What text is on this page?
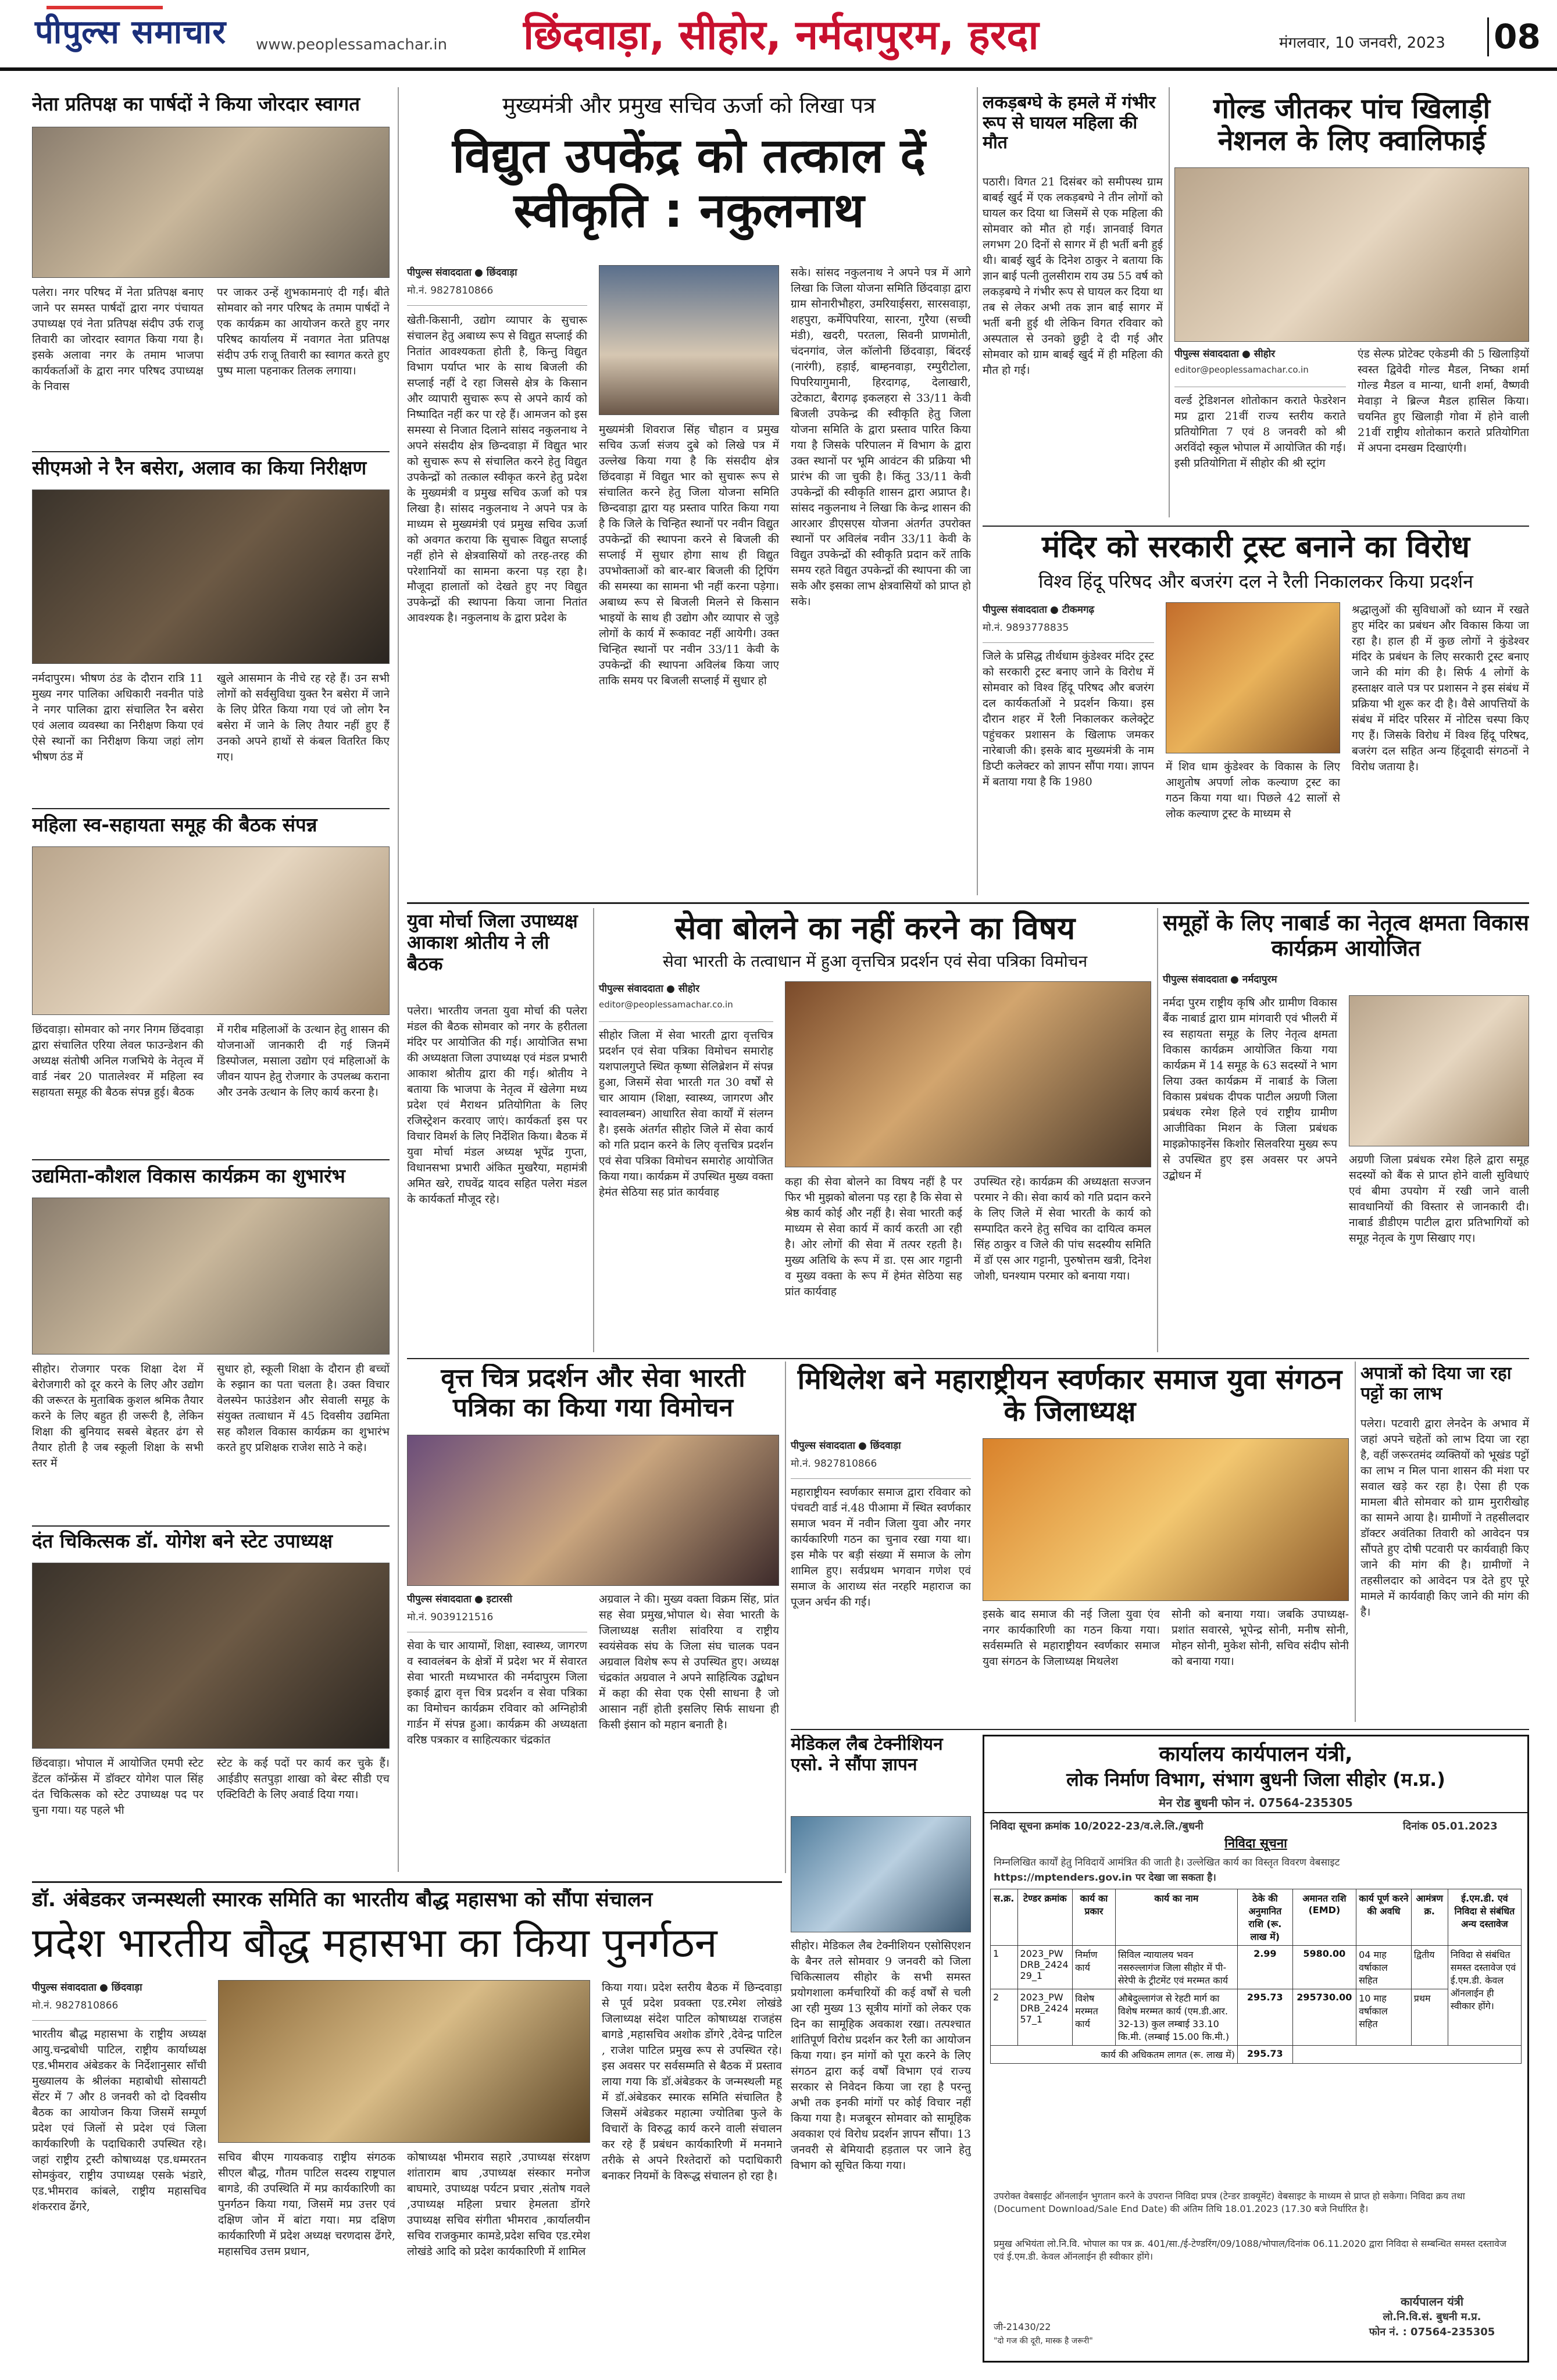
पीपुल्स समाचार www.peoplessamachar.in छिंदवाड़ा, सीहोर, नर्मदापुरम, हरदा	मंगलवार, 10 जनवरी, 2023 08
नेता प्रतिपक्ष का पार्षदों ने किया जोरदार स्वागत
पलेरा। नगर परिषद में नेता प्रतिपक्ष बनाए जाने पर समस्त पार्षदों द्वारा नगर पंचायत उपाध्यक्ष एवं नेता प्रतिपक्ष संदीप उर्फ राजू तिवारी का जोरदार स्वागत किया गया है। इसके अलावा नगर के तमाम भाजपा कार्यकर्ताओं के द्वारा नगर परिषद उपाध्यक्ष के निवास
पर जाकर उन्हें शुभकामनाएं दी गईं। बीते सोमवार को नगर परिषद के तमाम पार्षदों ने एक कार्यक्रम का आयोजन करते हुए नगर परिषद कार्यालय में नवागत नेता प्रतिपक्ष संदीप उर्फ राजू तिवारी का स्वागत करते हुए पुष्प माला पहनाकर तिलक लगाया।
सीएमओ ने रैन बसेरा, अलाव का किया निरीक्षण
नर्मदापुरम। भीषण ठंड के दौरान रात्रि 11 मुख्य नगर पालिका अधिकारी नवनीत पांडे ने नगर पालिका द्वारा संचालित रैन बसेरा एवं अलाव व्यवस्था का निरीक्षण किया एवं ऐसे स्थानों का निरीक्षण किया जहां लोग भीषण ठंड में
खुले आसमान के नीचे रह रहे हैं। उन सभी लोगों को सर्वसुविधा युक्त रैन बसेरा में जाने के लिए प्रेरित किया गया एवं जो लोग रैन बसेरा में जाने के लिए तैयार नहीं हुए हैं उनको अपने हाथों से कंबल वितरित किए गए।
महिला स्व-सहायता समूह की बैठक संपन्न
छिंदवाड़ा। सोमवार को नगर निगम छिंदवाड़ा द्वारा संचालित एरिया लेवल फाउन्डेशन की अध्यक्ष संतोषी अनिल गजभिये के नेतृत्व में वार्ड नंबर 20 पातालेश्वर में महिला स्व सहायता समूह की बैठक संपन्न हुई। बैठक
में गरीब महिलाओं के उत्थान हेतु शासन की योजनाओं जानकारी दी गई जिनमें डिस्पोजल, मसाला उद्योग एवं महिलाओं के जीवन यापन हेतु रोजगार के उपलब्ध कराना और उनके उत्थान के लिए कार्य करना है।
उद्यमिता-कौशल विकास कार्यक्रम का शुभारंभ
सीहोर। रोजगार परक शिक्षा देश में बेरोजगारी को दूर करने के लिए और उद्योग की जरूरत के मुताबिक कुशल श्रमिक तैयार करने के लिए बहुत ही जरूरी है, लेकिन शिक्षा की बुनियाद सबसे बेहतर ढंग से तैयार होती है जब स्कूली शिक्षा के सभी स्तर में
सुधार हो, स्कूली शिक्षा के दौरान ही बच्चों के रुझान का पता चलता है। उक्त विचार वेलस्पेन फाउंडेशन और सेवाली समूह के संयुक्त तत्वाधान में 45 दिवसीय उद्यमिता सह कौशल विकास कार्यक्रम का शुभारंभ करते हुए प्रशिक्षक राजेश साठे ने कहे।
दंत चिकित्सक डॉ. योगेश बने स्टेट उपाध्यक्ष
छिंदवाड़ा। भोपाल में आयोजित एमपी स्टेट डेंटल कॉन्फ्रेंस में डॉक्टर योगेश पाल सिंह दंत चिकित्सक को स्टेट उपाध्यक्ष पद पर चुना गया। यह पहले भी
स्टेट के कई पदों पर कार्य कर चुके हैं। आईडीए सतपुड़ा शाखा को बेस्ट सीडी एच एक्टिविटी के लिए अवार्ड दिया गया।
मुख्यमंत्री और प्रमुख सचिव ऊर्जा को लिखा पत्र
विद्युत उपकेंद्र को तत्काल दें स्वीकृति : नकुलनाथ
पीपुल्स संवाददाता ● छिंदवाड़ा
मो.नं. 9827810866
खेती-किसानी, उद्योग व्यापार के सुचारू संचालन हेतु अबाध्य रूप से विद्युत सप्लाई की नितांत आवश्यकता होती है, किन्तु विद्युत विभाग पर्याप्त भार के साथ बिजली की सप्लाई नहीं दे रहा जिससे क्षेत्र के किसान और व्यापारी सुचारू रूप से अपने कार्य को निष्पादित नहीं कर पा रहे हैं। आमजन को इस समस्या से निजात दिलाने सांसद नकुलनाथ ने अपने संसदीय क्षेत्र छिन्दवाड़ा में विद्युत भार को सुचारू रूप से संचालित करने हेतु विद्युत उपकेन्द्रों को तत्काल स्वीकृत करने हेतु प्रदेश के मुख्यमंत्री व प्रमुख सचिव ऊर्जा को पत्र लिखा है। सांसद नकुलनाथ ने अपने पत्र के माध्यम से मुख्यमंत्री एवं प्रमुख सचिव ऊर्जा को अवगत कराया कि सुचारू विद्युत सप्लाई नहीं होने से क्षेत्रवासियों को तरह-तरह की परेशानियों का सामना करना पड़ रहा है। मौजूदा हालातों को देखते हुए नए विद्युत उपकेन्द्रों की स्थापना किया जाना नितांत आवश्यक है। नकुलनाथ के द्वारा प्रदेश के
मुख्यमंत्री शिवराज सिंह चौहान व प्रमुख सचिव ऊर्जा संजय दुबे को लिखे पत्र में उल्लेख किया गया है कि संसदीय क्षेत्र छिंदवाड़ा में विद्युत भार को सुचारू रूप से संचालित करने हेतु जिला योजना समिति छिन्दवाड़ा द्वारा यह प्रस्ताव पारित किया गया है कि जिले के चिन्हित स्थानों पर नवीन विद्युत उपकेन्द्रों की स्थापना करने से बिजली की सप्लाई में सुधार होगा साथ ही विद्युत उपभोक्ताओं को बार-बार बिजली की ट्रिपिंग की समस्या का सामना भी नहीं करना पड़ेगा। अबाध्य रूप से बिजली मिलने से किसान भाइयों के साथ ही उद्योग और व्यापार से जुड़े लोगों के कार्य में रूकावट नहीं आयेगी। उक्त चिन्हित स्थानों पर नवीन 33/11 केवी के उपकेन्द्रों की स्थापना अविलंब किया जाए ताकि समय पर बिजली सप्लाई में सुधार हो
सके। सांसद नकुलनाथ ने अपने पत्र में आगे लिखा कि जिला योजना समिति छिंदवाड़ा द्वारा ग्राम सोनारीभौहरा, उमरियाईसरा, सारसवाड़ा, शहपुरा, कर्मेपिपरिया, सारना, गुरैया (सच्ची मंडी), खदरी, परतला, सिवनी प्राणमोती, चंदनगांव, जेल कॉलोनी छिंदवाड़ा, बिंदरई (नारंगी), हड़ाई, बाम्हनवाड़ा, रम्पुरीटोला, पिपरियागुमानी, हिरदागढ़, देलाखारी, उटेकाटा, बैरागढ़ इकलहरा से 33/11 केवी बिजली उपकेन्द्र की स्वीकृति हेतु जिला योजना समिति के द्वारा प्रस्ताव पारित किया गया है जिसके परिपालन में विभाग के द्वारा उक्त स्थानों पर भूमि आवंटन की प्रक्रिया भी प्रारंभ की जा चुकी है। किंतु 33/11 केवी उपकेन्द्रों की स्वीकृति शासन द्वारा अप्राप्त है। सांसद नकुलनाथ ने लिखा कि केन्द्र शासन की आरआर डीएसएस योजना अंतर्गत उपरोक्त स्थानों पर अविलंब नवीन 33/11 केवी के विद्युत उपकेन्द्रों की स्वीकृति प्रदान करें ताकि समय रहते विद्युत उपकेन्द्रों की स्थापना की जा सके और इसका लाभ क्षेत्रवासियों को प्राप्त हो सके।
लकड़बग्घे के हमले में गंभीर रूप से घायल महिला की मौत
पठारी। विगत 21 दिसंबर को समीपस्थ ग्राम बाबई खुर्द में एक लकड़बग्घे ने तीन लोगों को घायल कर दिया था जिसमें से एक महिला की सोमवार को मौत हो गई। ज्ञानवाई विगत लगभग 20 दिनों से सागर में ही भर्ती बनी हुई थी। बाबई खुर्द के दिनेश ठाकुर ने बताया कि ज्ञान बाई पत्नी तुलसीराम राय उम्र 55 वर्ष को लकड़बग्घे ने गंभीर रूप से घायल कर दिया था तब से लेकर अभी तक ज्ञान बाई सागर में भर्ती बनी हुई थी लेकिन विगत रविवार को अस्पताल से उनको छुट्टी दे दी गई और सोमवार को ग्राम बाबई खुर्द में ही महिला की मौत हो गई।
गोल्ड जीतकर पांच खिलाड़ी नेशनल के लिए क्वालिफाई
पीपुल्स संवाददाता ● सीहोर
editor@peoplessamachar.co.in
वर्ल्ड ट्रेडिशनल शोतोकान कराते फेडरेशन मप्र द्वारा 21वीं राज्य स्तरीय कराते प्रतियोगिता 7 एवं 8 जनवरी को श्री अरविंदो स्कूल भोपाल में आयोजित की गई। इसी प्रतियोगिता में सीहोर की श्री स्ट्रांग
एंड सेल्फ प्रोटेक्ट एकेडमी की 5 खिलाड़ियों स्वस्त द्विवेदी गोल्ड मैडल, निष्का शर्मा गोल्ड मैडल व मान्या, धानी शर्मा, वैष्णवी मेवाड़ा ने ब्रिल्ज मैडल हासिल किया। चयनित हुए खिलाड़ी गोवा में होने वाली 21वीं राष्ट्रीय शोतोकान कराते प्रतियोगिता में अपना दमखम दिखाएंगी।
मंदिर को सरकारी ट्रस्ट बनाने का विरोध
विश्व हिंदू परिषद और बजरंग दल ने रैली निकालकर किया प्रदर्शन
पीपुल्स संवाददाता ● टीकमगढ़
मो.नं. 9893778835
जिले के प्रसिद्ध तीर्थधाम कुंडेश्वर मंदिर ट्रस्ट को सरकारी ट्रस्ट बनाए जाने के विरोध में सोमवार को विश्व हिंदू परिषद और बजरंग दल कार्यकर्ताओं ने प्रदर्शन किया। इस दौरान शहर में रैली निकालकर कलेक्ट्रेट पहुंचकर प्रशासन के खिलाफ जमकर नारेबाजी की। इसके बाद मुख्यमंत्री के नाम डिप्टी कलेक्टर को ज्ञापन सौंपा गया। ज्ञापन में बताया गया है कि 1980
में शिव धाम कुंडेश्वर के विकास के लिए आशुतोष अपर्णा लोक कल्याण ट्रस्ट का गठन किया गया था। पिछले 42 सालों से लोक कल्याण ट्रस्ट के माध्यम से
श्रद्धालुओं की सुविधाओं को ध्यान में रखते हुए मंदिर का प्रबंधन और विकास किया जा रहा है। हाल ही में कुछ लोगों ने कुंडेश्वर मंदिर के प्रबंधन के लिए सरकारी ट्रस्ट बनाए जाने की मांग की है। सिर्फ 4 लोगों के हस्ताक्षर वाले पत्र पर प्रशासन ने इस संबंध में प्रक्रिया भी शुरू कर दी है। वैसे आपत्तियों के संबंध में मंदिर परिसर में नोटिस चस्पा किए गए हैं। जिसके विरोध में विश्व हिंदू परिषद, बजरंग दल सहित अन्य हिंदूवादी संगठनों ने विरोध जताया है।
युवा मोर्चा जिला उपाध्यक्ष आकाश श्रोतीय ने ली बैठक
पलेरा। भारतीय जनता युवा मोर्चा की पलेरा मंडल की बैठक सोमवार को नगर के हरीतला मंदिर पर आयोजित की गई। आयोजित सभा की अध्यक्षता जिला उपाध्यक्ष एवं मंडल प्रभारी आकाश श्रोतीय द्वारा की गई। श्रोतीय ने बताया कि भाजपा के नेतृत्व में खेलेगा मध्य प्रदेश एवं मैराथन प्रतियोगिता के लिए रजिस्ट्रेशन करवाए जाएं। कार्यकर्ता इस पर विचार विमर्श के लिए निर्देशित किया। बैठक में युवा मोर्चा मंडल अध्यक्ष भूपेंद्र गुप्ता, विधानसभा प्रभारी अंकित मुखरैया, महामंत्री अमित खरे, राघवेंद्र यादव सहित पलेरा मंडल के कार्यकर्ता मौजूद रहे।
सेवा बोलने का नहीं करने का विषय
सेवा भारती के तत्वाधान में हुआ वृत्तचित्र प्रदर्शन एवं सेवा पत्रिका विमोचन
पीपुल्स संवाददाता ● सीहोर
editor@peoplessamachar.co.in
सीहोर जिला में सेवा भारती द्वारा वृत्तचित्र प्रदर्शन एवं सेवा पत्रिका विमोचन समारोह यशपालगुप्ते स्थित कृष्णा सेलिब्रेशन में संपन्न हुआ, जिसमें सेवा भारती गत 30 वर्षों से चार आयाम (शिक्षा, स्वास्थ्य, जागरण और स्वावलम्बन) आधारित सेवा कार्यों में संलग्न है। इसके अंतर्गत सीहोर जिले में सेवा कार्य को गति प्रदान करने के लिए वृत्तचित्र प्रदर्शन एवं सेवा पत्रिका विमोचन समारोह आयोजित किया गया। कार्यक्रम में उपस्थित मुख्य वक्ता हेमंत सेठिया सह प्रांत कार्यवाह
कहा की सेवा बोलने का विषय नहीं है पर फिर भी मुझको बोलना पड़ रहा है कि सेवा से श्रेष्ठ कार्य कोई और नहीं है। सेवा भारती कई माध्यम से सेवा कार्य में कार्य करती आ रही है। ओर लोगों की सेवा में तत्पर रहती है। मुख्य अतिथि के रूप में डा. एस आर गट्टानी व मुख्य वक्ता के रूप में हेमंत सेठिया सह प्रांत कार्यवाह
उपस्थित रहे। कार्यक्रम की अध्यक्षता सज्जन परमार ने की। सेवा कार्य को गति प्रदान करने के लिए जिले में सेवा भारती के कार्य को सम्पादित करने हेतु सचिव का दायित्व कमल सिंह ठाकुर व जिले की पांच सदस्यीय समिति में डॉ एस आर गट्टानी, पुरुषोत्तम खत्री, दिनेश जोशी, घनश्याम परमार को बनाया गया।
समूहों के लिए नाबार्ड का नेतृत्व क्षमता विकास कार्यक्रम आयोजित
पीपुल्स संवाददाता ● नर्मदापुरम
नर्मदा पुरम राष्ट्रीय कृषि और ग्रामीण विकास बैंक नाबार्ड द्वारा ग्राम मांगवारी एवं भीलरी में स्व सहायता समूह के लिए नेतृत्व क्षमता विकास कार्यक्रम आयोजित किया गया कार्यक्रम में 14 समूह के 63 सदस्यों ने भाग लिया उक्त कार्यक्रम में नाबार्ड के जिला विकास प्रबंधक दीपक पाटील अग्रणी जिला प्रबंधक रमेश हिले एवं राष्ट्रीय ग्रामीण आजीविका मिशन के जिला प्रबंधक माइक्रोफाइनेंस किशोर सिलवरिया मुख्य रूप से उपस्थित हुए इस अवसर पर अपने उद्बोधन में
अग्रणी जिला प्रबंधक रमेश हिले द्वारा समूह सदस्यों को बैंक से प्राप्त होने वाली सुविधाएं एवं बीमा उपयोग में रखी जाने वाली सावधानियों की विस्तार से जानकारी दी। नाबार्ड डीडीएम पाटील द्वारा प्रतिभागियों को समूह नेतृत्व के गुण सिखाए गए।
वृत्त चित्र प्रदर्शन और सेवा भारती पत्रिका का किया गया विमोचन
पीपुल्स संवाददाता ● इटारसी
मो.नं. 9039121516
सेवा के चार आयामों, शिक्षा, स्वास्थ्य, जागरण व स्वावलंबन के क्षेत्रों में प्रदेश भर में सेवारत सेवा भारती मध्यभारत की नर्मदापुरम जिला इकाई द्वारा वृत्त चित्र प्रदर्शन व सेवा पत्रिका का विमोचन कार्यक्रम रविवार को अग्निहोत्री गार्डन में संपन्न हुआ। कार्यक्रम की अध्यक्षता वरिष्ठ पत्रकार व साहित्यकार चंद्रकांत
अग्रवाल ने की। मुख्य वक्ता विक्रम सिंह, प्रांत सह सेवा प्रमुख,भोपाल थे। सेवा भारती के जिलाध्यक्ष सतीश सांवरिया व राष्ट्रीय स्वयंसेवक संघ के जिला संघ चालक पवन अग्रवाल विशेष रूप से उपस्थित हुए। अध्यक्ष चंद्रकांत अग्रवाल ने अपने साहित्यिक उद्बोधन में कहा की सेवा एक ऐसी साधना है जो आसान नहीं होती इसलिए सिर्फ साधना ही किसी इंसान को महान बनाती है।
मिथिलेश बने महाराष्ट्रीयन स्वर्णकार समाज युवा संगठन के जिलाध्यक्ष
पीपुल्स संवाददाता ● छिंदवाड़ा
मो.नं. 9827810866
महाराष्ट्रीयन स्वर्णकार समाज द्वारा रविवार को पंचवटी वार्ड नं.48 पीआमा में स्थित स्वर्णकार समाज भवन में नवीन जिला युवा और नगर कार्यकारिणी गठन का चुनाव रखा गया था। इस मौके पर बड़ी संख्या में समाज के लोग शामिल हुए। सर्वप्रथम भगवान गणेश एवं समाज के आराध्य संत नरहरि महाराज का पूजन अर्चन की गई।
इसके बाद समाज की नई जिला युवा एंव नगर कार्यकारिणी का गठन किया गया। सर्वसम्मति से महाराष्ट्रीयन स्वर्णकार समाज युवा संगठन के जिलाध्यक्ष मिथलेश
सोनी को बनाया गया। जबकि उपाध्यक्ष-प्रशांत सवारसे, भूपेन्द्र सोनी, मनीष सोनी, मोहन सोनी, मुकेश सोनी, सचिव संदीप सोनी को बनाया गया।
अपात्रों को दिया जा रहा पट्टों का लाभ
पलेरा। पटवारी द्वारा लेनदेन के अभाव में जहां अपने चहेतों को लाभ दिया जा रहा है, वहीं जरूरतमंद व्यक्तियों को भूखंड पट्टों का लाभ न मिल पाना शासन की मंशा पर सवाल खड़े कर रहा है। ऐसा ही एक मामला बीते सोमवार को ग्राम मुरारीखोह का सामने आया है। ग्रामीणों ने तहसीलदार डॉक्टर अवंतिका तिवारी को आवेदन पत्र सौंपते हुए दोषी पटवारी पर कार्यवाही किए जाने की मांग की है। ग्रामीणों ने तहसीलदार को आवेदन पत्र देते हुए पूरे मामले में कार्यवाही किए जाने की मांग की है।
मेडिकल लैब टेक्नीशियन एसो. ने सौंपा ज्ञापन
सीहोर। मेडिकल लैब टेक्नीशियन एसोसिएशन के बैनर तले सोमवार 9 जनवरी को जिला चिकित्सालय सीहोर के सभी समस्त प्रयोगशाला कर्मचारियों की कई वर्षों से चली आ रही मुख्य 13 सूत्रीय मांगों को लेकर एक दिन का सामूहिक अवकाश रखा। तत्पश्चात शांतिपूर्ण विरोध प्रदर्शन कर रैली का आयोजन किया गया। इन मांगों को पूरा करने के लिए संगठन द्वारा कई वर्षों विभाग एवं राज्य सरकार से निवेदन किया जा रहा है परन्तु अभी तक इनकी मांगों पर कोई विचार नहीं किया गया है। मजबूरन सोमवार को सामूहिक अवकाश एवं विरोध प्रदर्शन ज्ञापन सौंपा। 13 जनवरी से बेमियादी हड़ताल पर जाने हेतु विभाग को सूचित किया गया।
कार्यालय कार्यपालन यंत्री,
लोक निर्माण विभाग, संभाग बुधनी जिला सीहोर (म.प्र.)
मेन रोड बुधनी फोन नं. 07564-235305
निविदा सूचना क्रमांक 10/2022-23/व.ले.लि./बुधनी	दिनांक 05.01.2023
निविदा सूचना
निम्नलिखित कार्यों हेतु निविदायें आमंत्रित की जाती है। उल्लेखित कार्य का विस्तृत विवरण वेबसाइट
https://mptenders.gov.in पर देखा जा सकता है।
स.क्र.	टेण्डर क्रमांक	कार्य का प्रकार	कार्य का नाम	ठेके की अनुमानित राशि (रू. लाख में)	अमानत राशि (EMD)	कार्य पूर्ण करने की अवधि	आमंत्रण क्र.	ई.एम.डी. एवं निविदा से संबंधित अन्य दस्तावेज
1	2023_PWDRB_242429_1	निर्माण कार्य	सिविल न्यायालय भवन नसरुल्लागंज जिला सीहोर में पी-सेरेपी के ट्रीटमेंट एवं मरम्मत कार्य	2.99	5980.00	04 माह वर्षाकाल सहित	द्वितीय	निविदा से संबंधित समस्त दस्तावेज एवं ई.एम.डी. केवल ऑनलाईन ही स्वीकार होंगे।
2	2023_PWDRB_242457_1	विशेष मरम्मत कार्य	औबेदुल्लागंज से रेहटी मार्ग का विशेष मरम्मत कार्य (एम.डी.आर. 32-13) कुल लम्बाई 33.10 कि.मी. (लम्बाई 15.00 कि.मी.)	295.73	295730.00	10 माह वर्षाकाल सहित	प्रथम	
कार्य की अधिकतम लागत (रू. लाख में)				295.73				
उपरोक्त वेबसाईट ऑनलाईन भुगतान करने के उपरान्त निविदा प्रपत्र (टेन्डर डाक्यूमेंट) वेबसाइट के माध्यम से प्राप्त हो सकेगा। निविदा क्रय तथा (Document Download/Sale End Date) की अंतिम तिथि 18.01.2023 (17.30 बजे निर्धारित है।
प्रमुख अभियंता लो.नि.वि. भोपाल का पत्र क्र. 401/सा./ई-टेण्डरिंग/09/1088/भोपाल/दिनांक 06.11.2020 द्वारा निविदा से सम्बन्धित समस्त दस्तावेज एवं ई.एम.डी. केवल ऑनलाईन ही स्वीकार होंगे।
कार्यपालन यंत्री
लो.नि.वि.सं. बुधनी म.प्र.
फोन नं. : 07564-235305
जी-21430/22
"दो गज की दूरी, मास्क है जरूरी"
डॉ. अंबेडकर जन्मस्थली स्मारक समिति का भारतीय बौद्ध महासभा को सौंपा संचालन
प्रदेश भारतीय बौद्ध महासभा का किया पुनर्गठन
पीपुल्स संवाददाता ● छिंदवाड़ा
मो.नं. 9827810866
भारतीय बौद्ध महासभा के राष्ट्रीय अध्यक्ष आयु.चन्द्रबोधी पाटिल, राष्ट्रीय कार्याध्यक्ष एड.भीमराव अंबेडकर के निर्देशानुसार साँची मुख्यालय के श्रीलंका महाबोधी सोसायटी सेंटर में 7 और 8 जनवरी को दो दिवसीय बैठक का आयोजन किया जिसमें सम्पूर्ण प्रदेश एवं जिलों से प्रदेश एवं जिला कार्यकारिणी के पदाधिकारी उपस्थित रहे। जहां राष्ट्रीय ट्रस्टी कोषाध्यक्ष एड.धम्मरतन सोमकुंवर, राष्ट्रीय उपाध्यक्ष एसके भंडारे, एड.भीमराव कांबले, राष्ट्रीय महासचिव शंकरराव ढेंगरे,
सचिव बीएम गायकवाड़ राष्ट्रीय संगठक सीएल बौद्ध, गौतम पाटिल सदस्य राष्ट्रपाल बागडे, की उपस्थिति में मप्र कार्यकारिणी का पुनर्गठन किया गया, जिसमें मप्र उत्तर एवं दक्षिण जोन में बांटा गया। मप्र दक्षिण कार्यकारिणी में प्रदेश अध्यक्ष चरणदास ढेंगरे, महासचिव उत्तम प्रधान,
कोषाध्यक्ष भीमराव सहारे ,उपाध्यक्ष संरक्षण शांताराम बाघ ,उपाध्यक्ष संस्कार मनोज बाघमारे, उपाध्यक्ष पर्यटन प्रचार ,संतोष गवले ,उपाध्यक्ष महिला प्रचार हेमलता डोंगरे उपाध्यक्ष सचिव संगीता भीमराव ,कार्यालयीन सचिव राजकुमार कामडे,प्रदेश सचिव एड.रमेश लोखंडे आदि को प्रदेश कार्यकारिणी में शामिल
किया गया। प्रदेश स्तरीय बैठक में छिन्दवाड़ा से पूर्व प्रदेश प्रवक्ता एड.रमेश लोखंडे जिलाध्यक्ष संदेश पाटिल कोषाध्यक्ष राजहंस बागडे ,महासचिव अशोक डोंगरे ,देवेन्द्र पाटिल , राजेश पाटिल प्रमुख रूप से उपस्थित रहे। इस अवसर पर सर्वसम्मति से बैठक में प्रस्ताव लाया गया कि डॉ.अंबेडकर के जन्मस्थली महू में डॉ.अंबेडकर स्मारक समिति संचालित है जिसमें अंबेडकर महात्मा ज्योतिबा फुले के विचारों के विरुद्ध कार्य करने वाली संचालन कर रहे हैं प्रबंधन कार्यकारिणी में मनमाने तरीके से अपने रिश्तेदारों को पदाधिकारी बनाकर नियमों के विरूद्ध संचालन हो रहा है।
